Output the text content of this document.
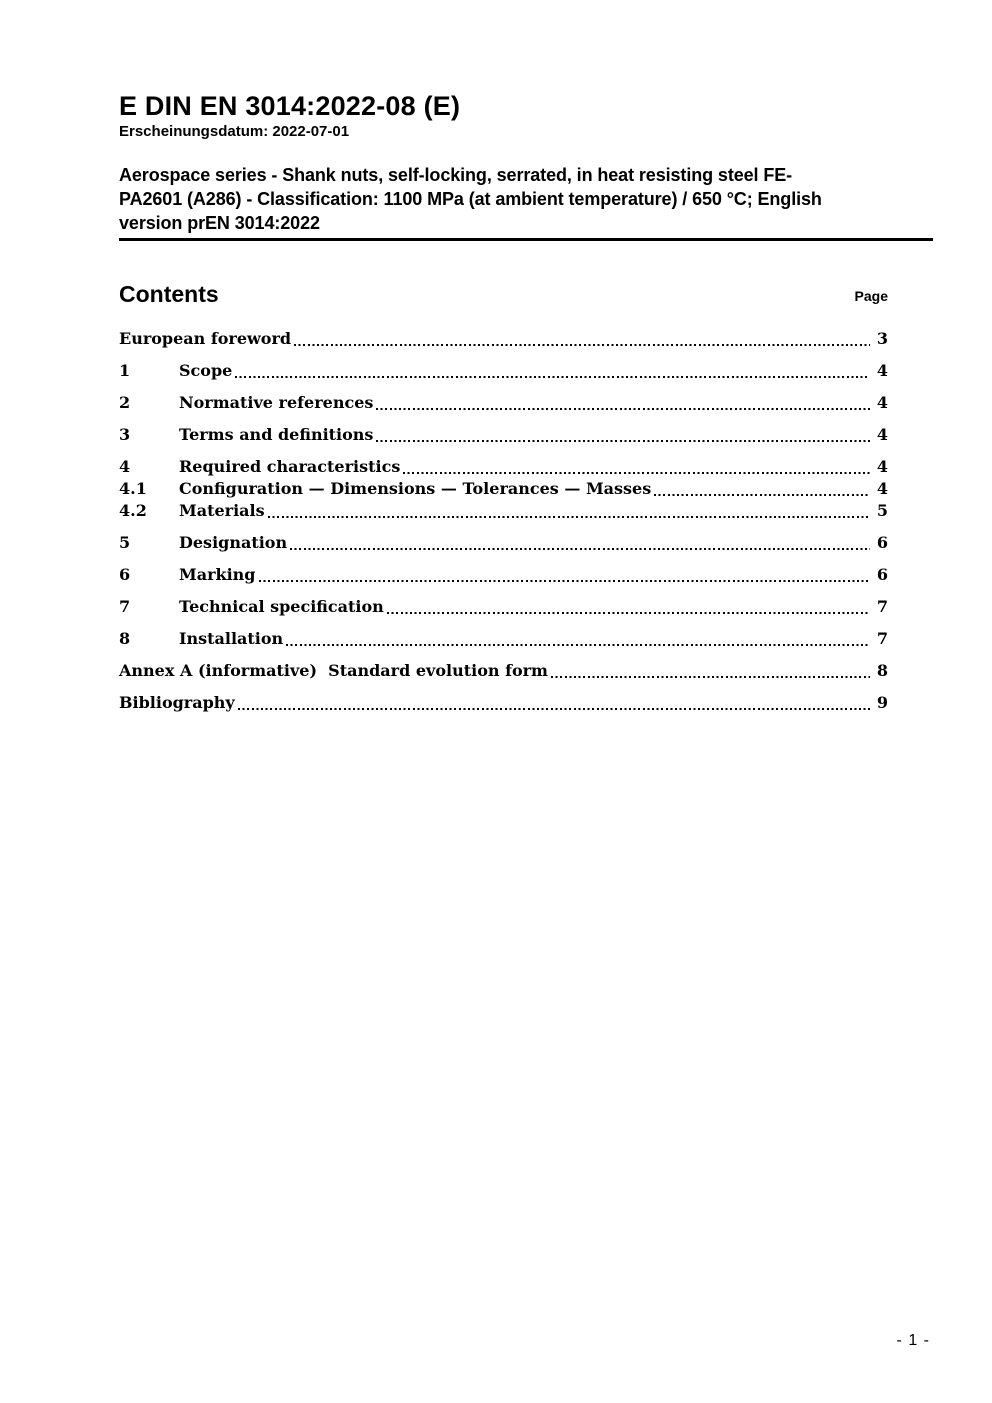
E DIN EN 3014:2022-08 (E)
Erscheinungsdatum: 2022-07-01
Aerospace series - Shank nuts, self-locking, serrated, in heat resisting steel FE-
PA2601 (A286) - Classification: 1100 MPa (at ambient temperature) / 650 °C; English
version prEN 3014:2022
Contents	Page
European foreword	3
1	Scope	4
2	Normative references	4
3	Terms and definitions	4
4	Required characteristics	4
4.1	Configuration — Dimensions — Tolerances — Masses	4
4.2	Materials	5
5	Designation	6
6	Marking	6
7	Technical specification	7
8	Installation	7
Annex A (informative)  Standard evolution form	8
Bibliography	9
- 1 -
